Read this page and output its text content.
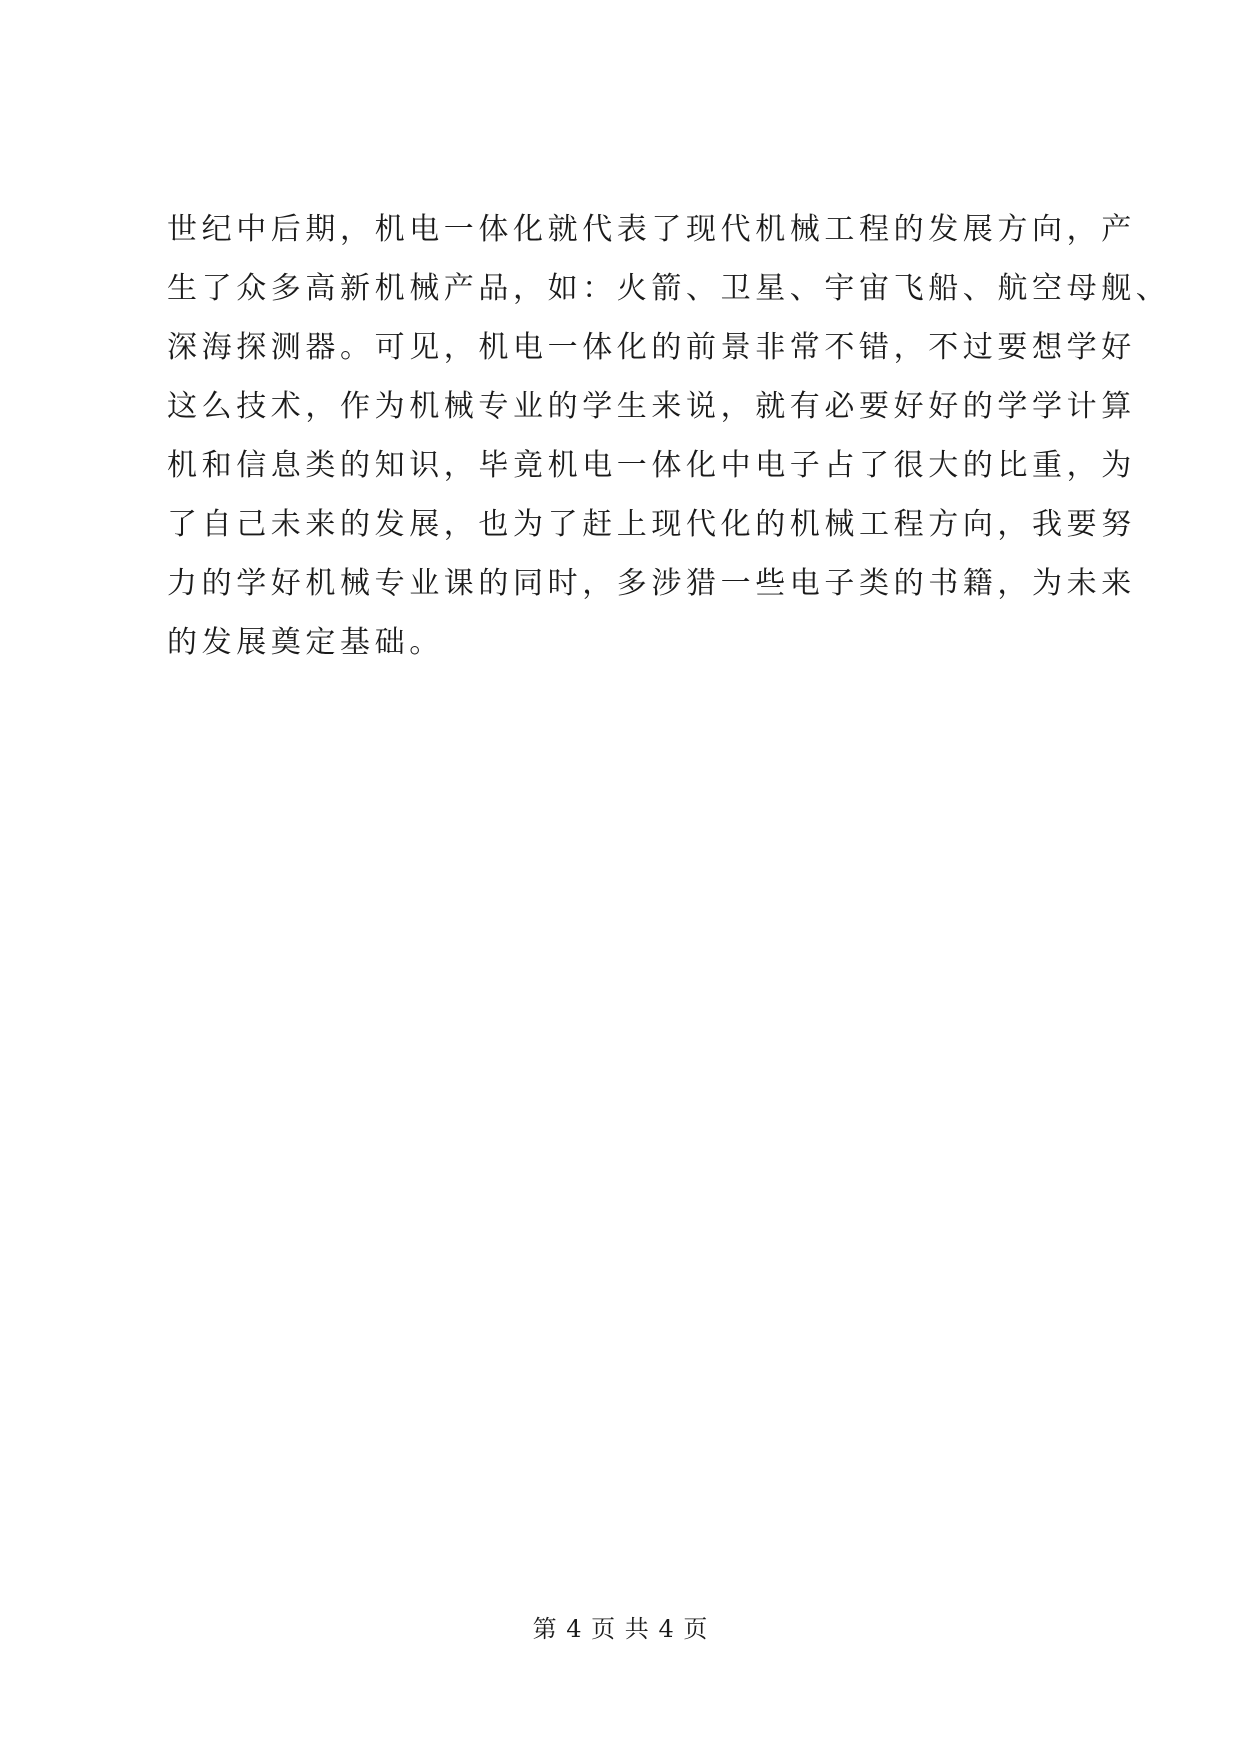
世纪中后期，机电一体化就代表了现代机械工程的发展方向，产
生了众多高新机械产品，如：火箭、卫星、宇宙飞船、航空母舰、
深海探测器。可见，机电一体化的前景非常不错，不过要想学好
这么技术，作为机械专业的学生来说，就有必要好好的学学计算
机和信息类的知识，毕竟机电一体化中电子占了很大的比重，为
了自己未来的发展，也为了赶上现代化的机械工程方向，我要努
力的学好机械专业课的同时，多涉猎一些电子类的书籍，为未来
的发展奠定基础。
第 4 页 共 4 页
